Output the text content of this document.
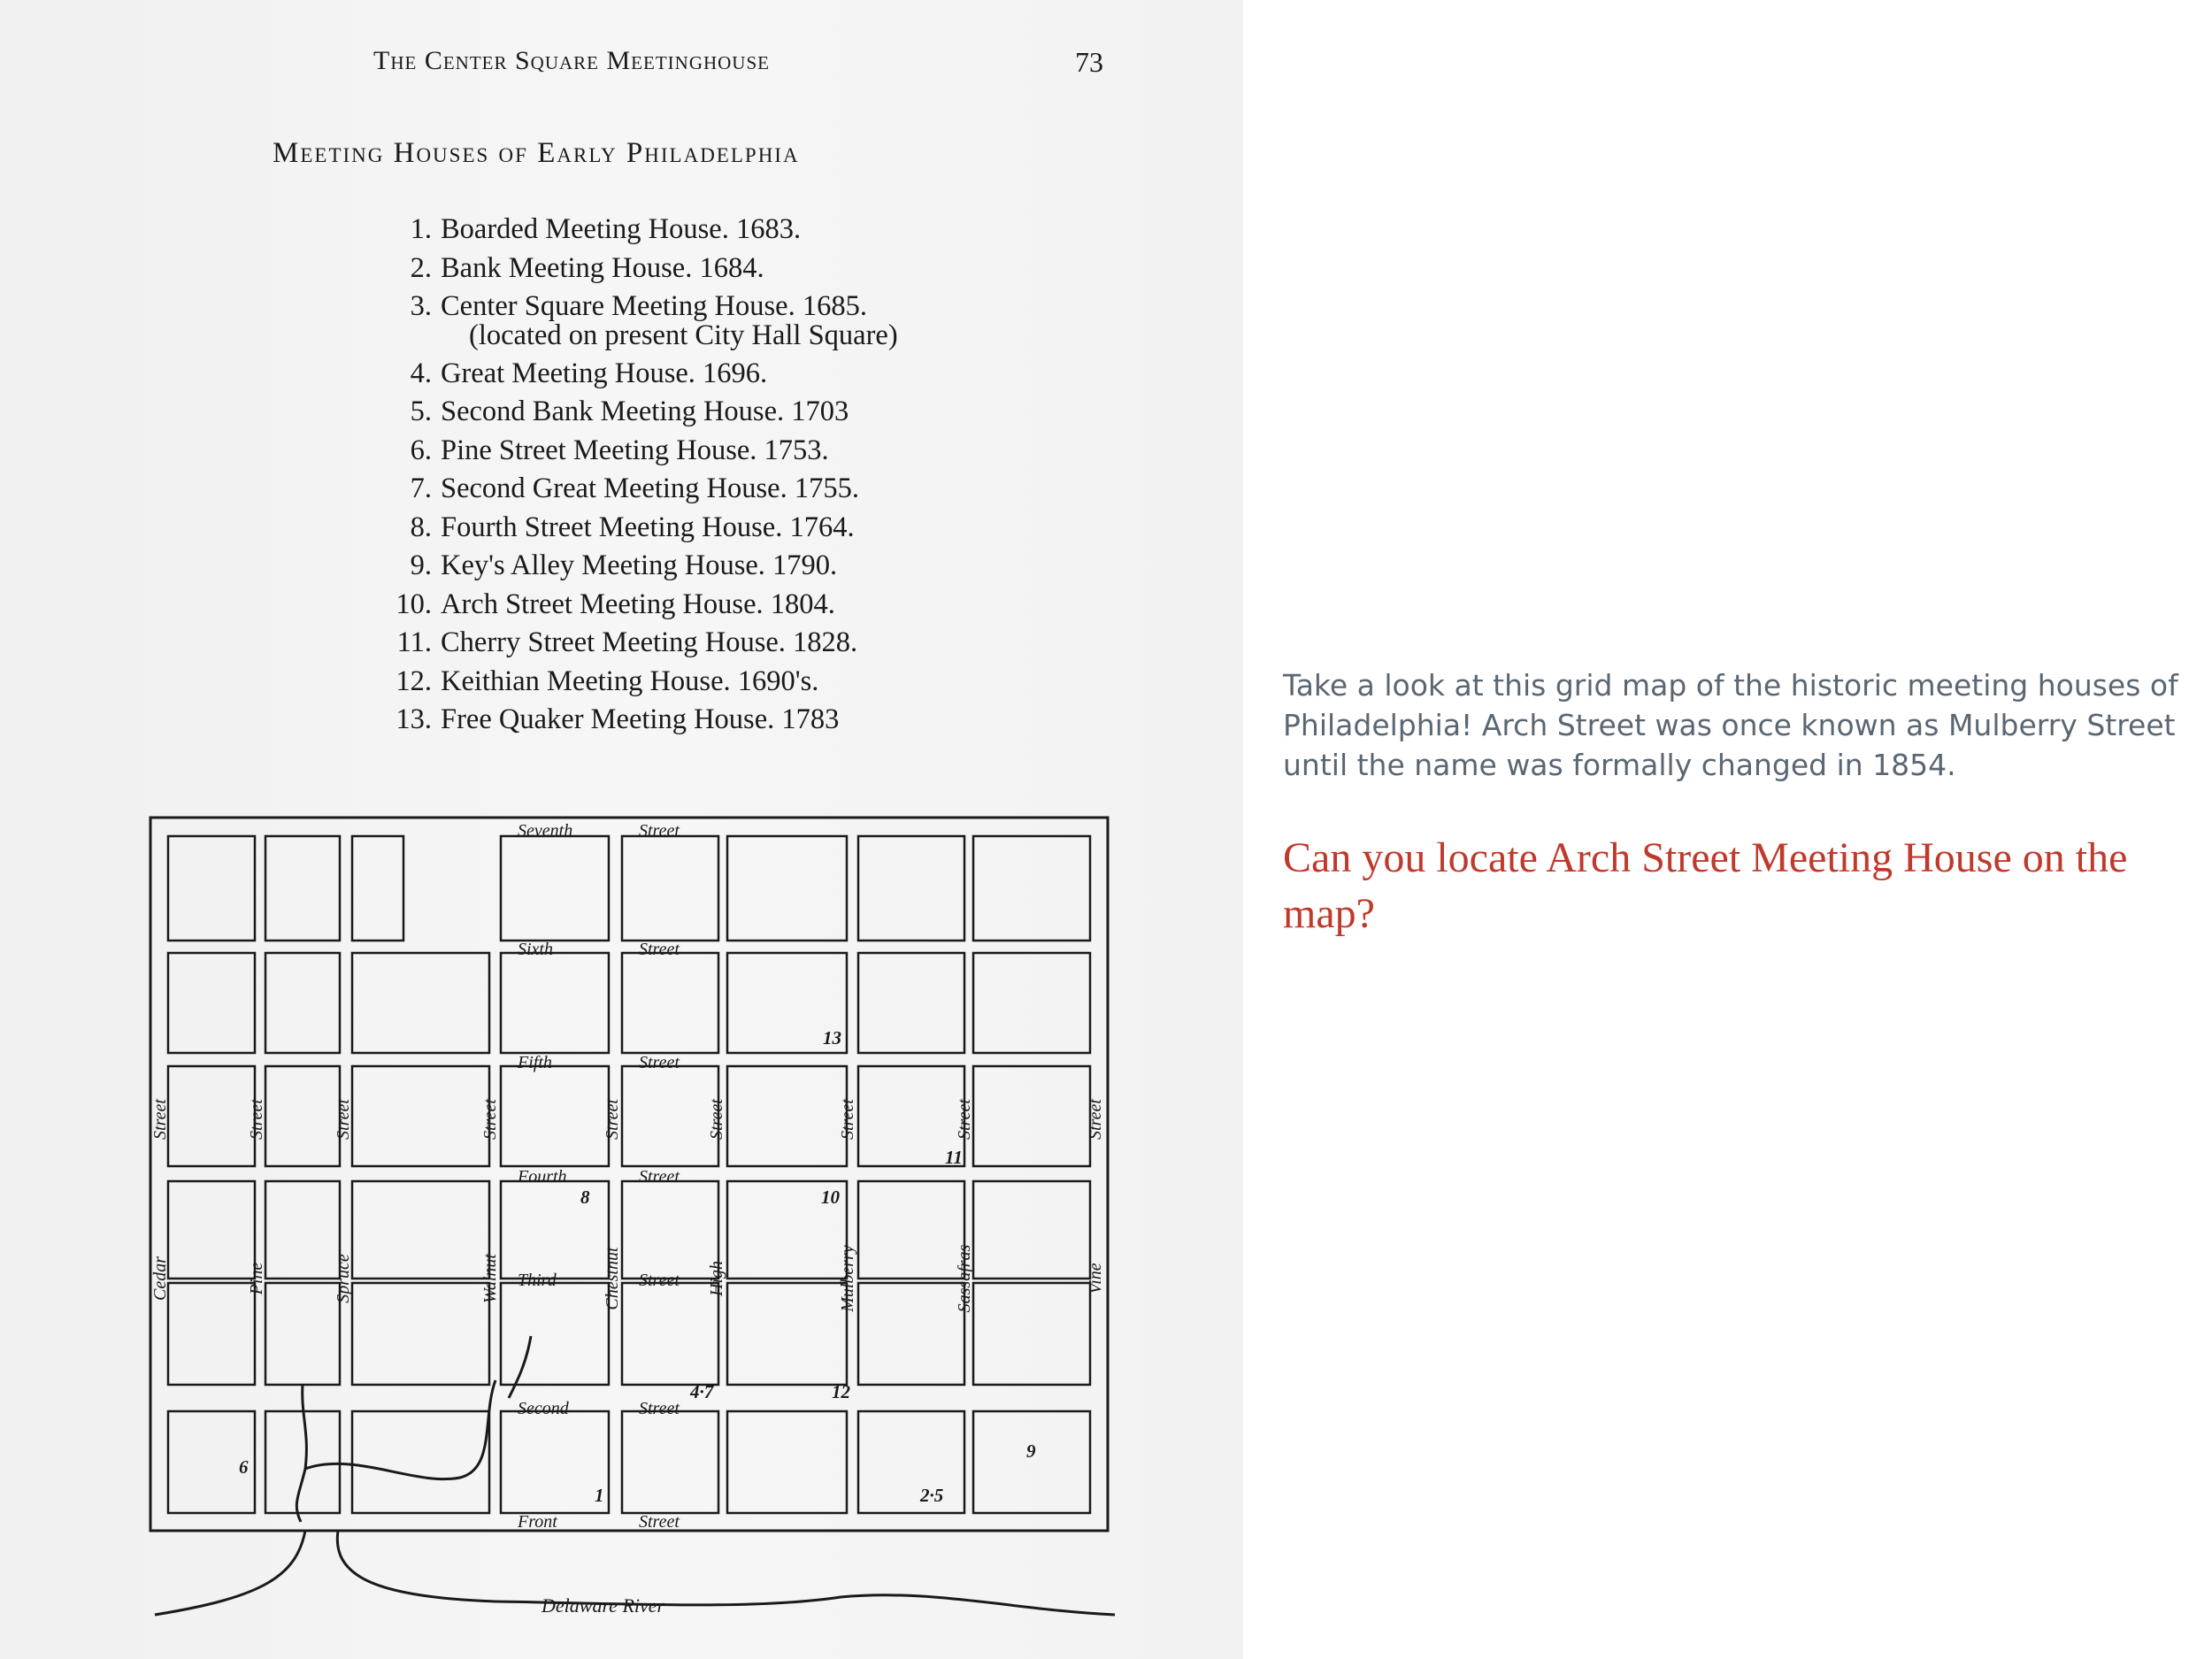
The Center Square Meetinghouse	73
Meeting Houses of Early Philadelphia
1. Boarded Meeting House. 1683.
2. Bank Meeting House. 1684.
3. Center Square Meeting House. 1685.
(located on present City Hall Square)
4. Great Meeting House. 1696.
5. Second Bank Meeting House. 1703
6. Pine Street Meeting House. 1753.
7. Second Great Meeting House. 1755.
8. Fourth Street Meeting House. 1764.
9. Key's Alley Meeting House. 1790.
10. Arch Street Meeting House. 1804.
11. Cherry Street Meeting House. 1828.
12. Keithian Meeting House. 1690's.
13. Free Quaker Meeting House. 1783
Seventh	Street
Sixth	Street
Fifth	Street
Fourth	Street
Third	Street
Second	Street
Front	Street
Cedar
Street
Pine
Street
Spruce
Street
Walnut
Street
Chestnut
Street
High
Street
Mulberry
Street
Sassafras
Street
Vine
Street
Delaware River
13
11
8	10
4·7	12
6
9
1	2·5
Take a look at this grid map of the historic meeting houses of Philadelphia! Arch Street was once known as Mulberry Street until the name was formally changed in 1854.
Can you locate Arch Street Meeting House on the map?
